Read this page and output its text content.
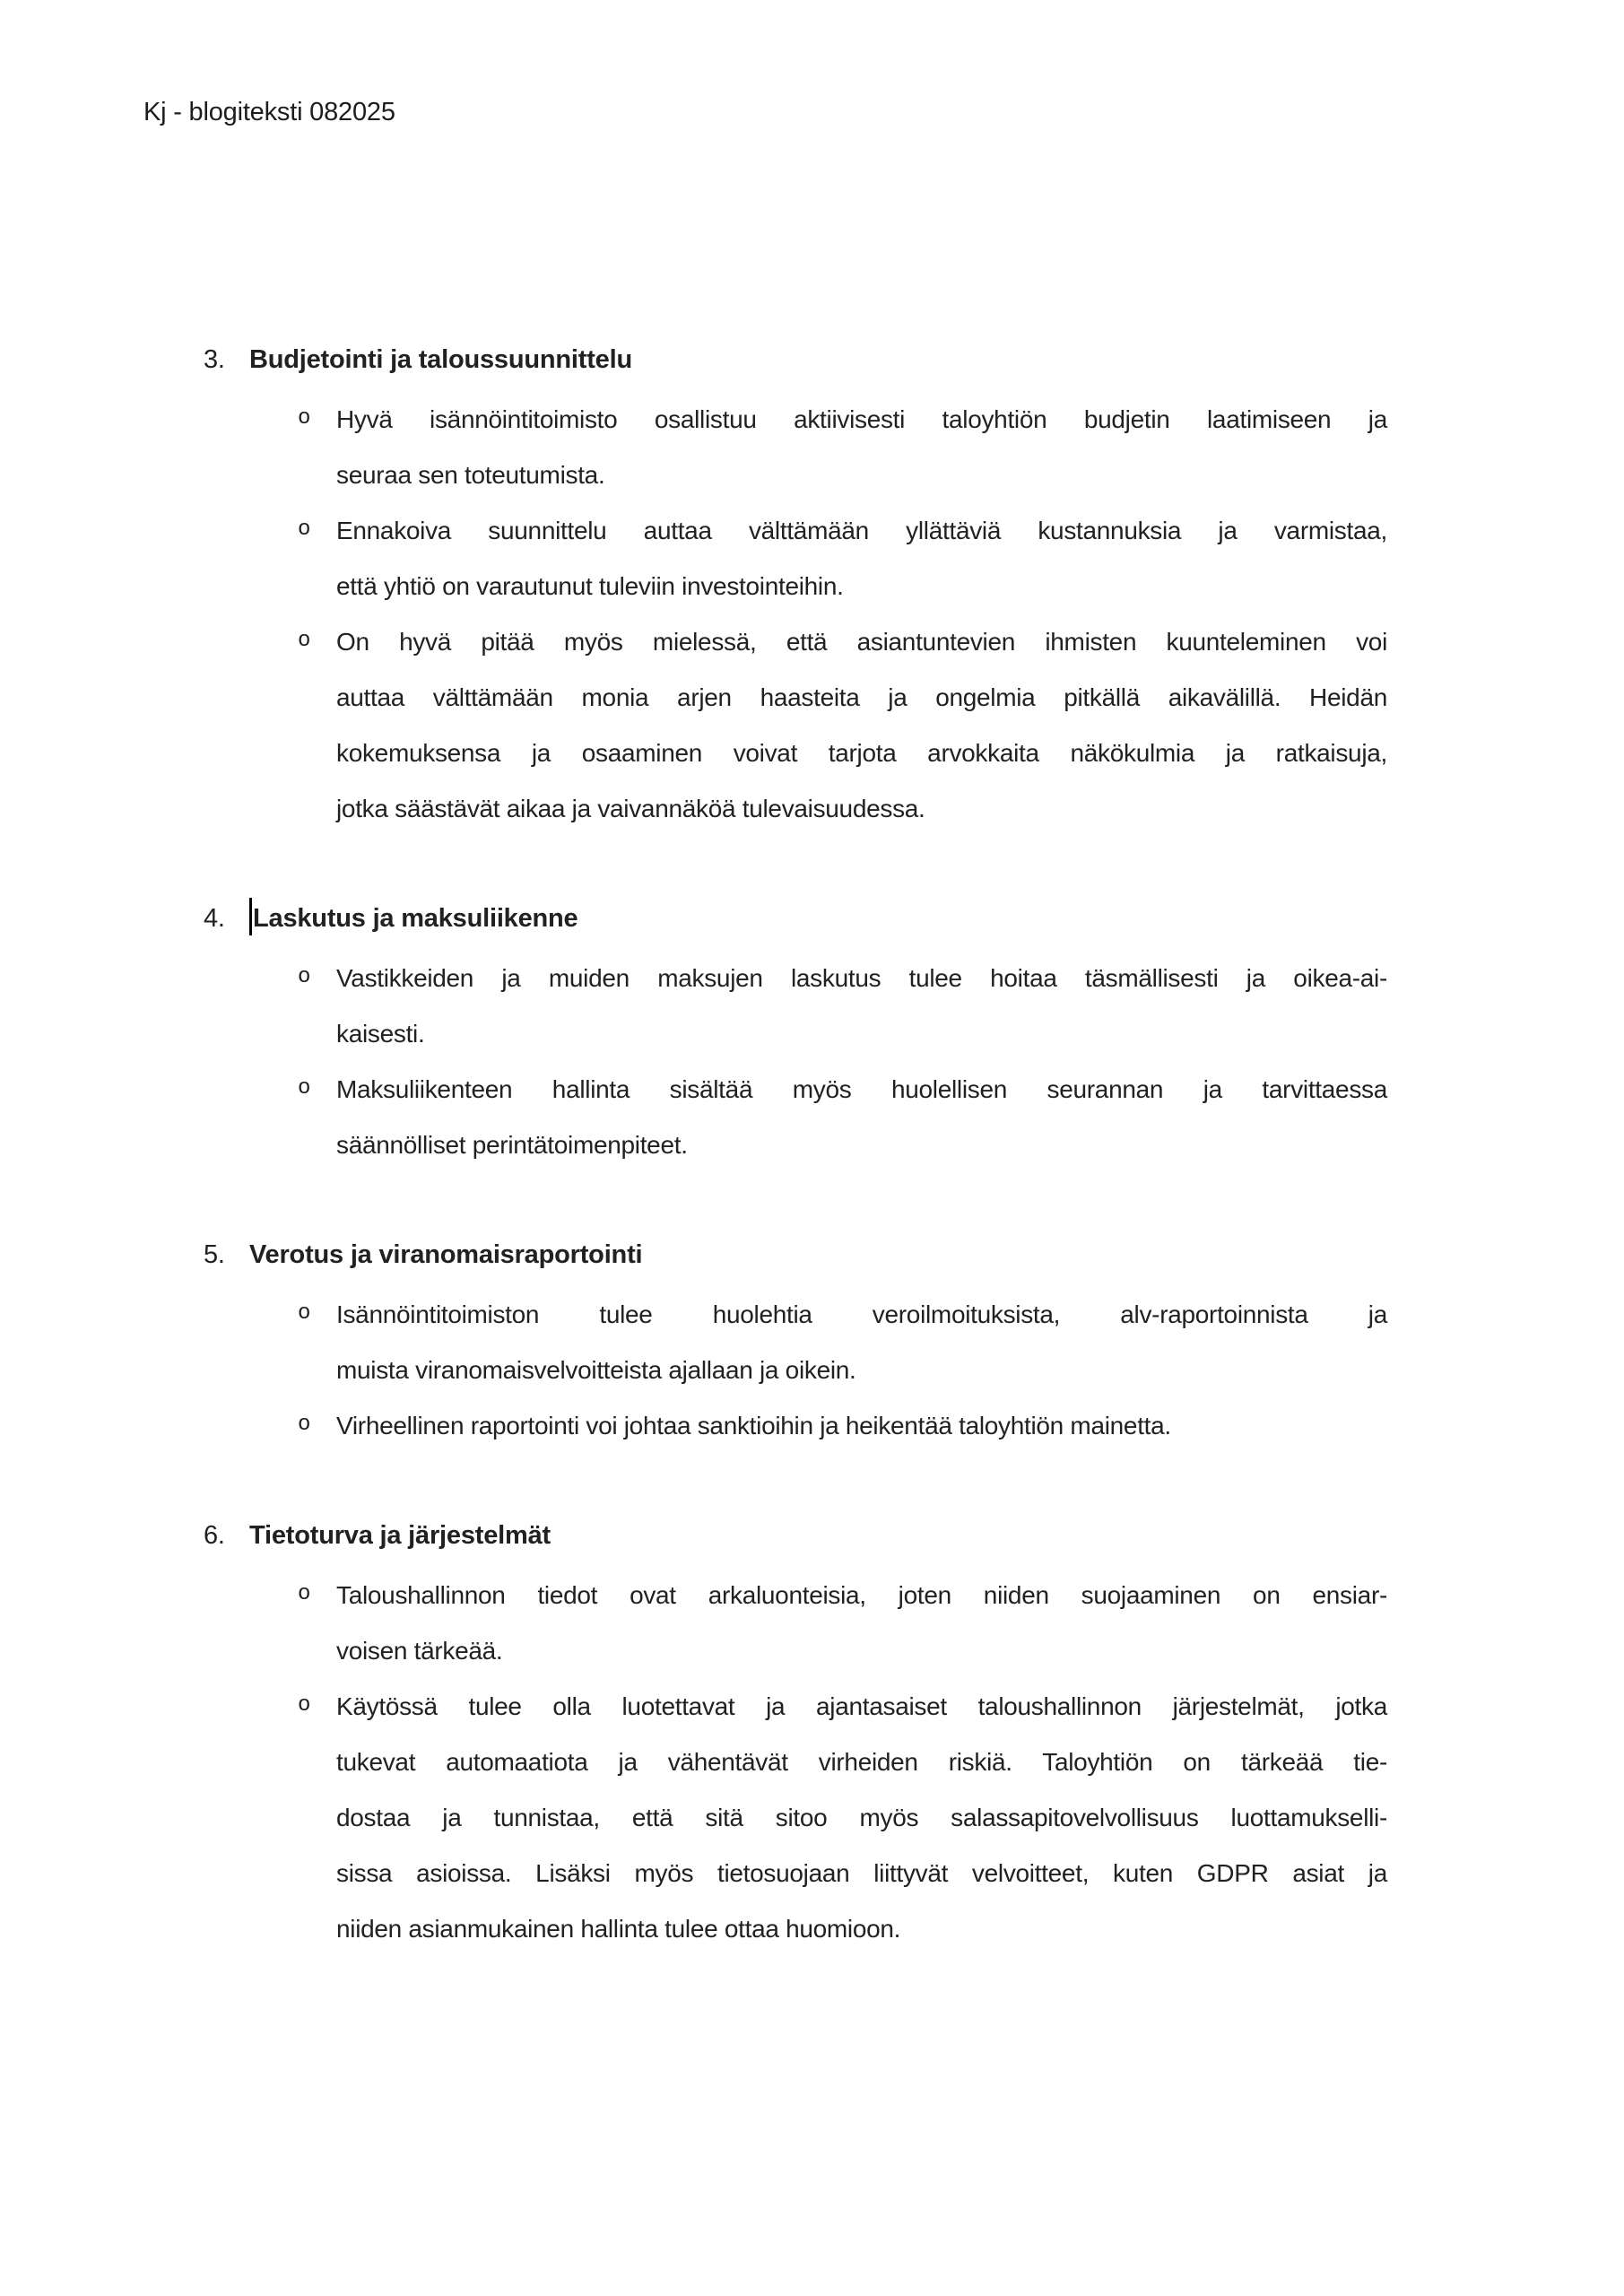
Kj - blogiteksti 082025
3. Budjetointi ja taloussuunnittelu
o Hyvä isännöintitoimisto osallistuu aktiivisesti taloyhtiön budjetin laatimiseen ja
seuraa sen toteutumista.
o Ennakoiva suunnittelu auttaa välttämään yllättäviä kustannuksia ja varmistaa,
että yhtiö on varautunut tuleviin investointeihin.
o On hyvä pitää myös mielessä, että asiantuntevien ihmisten kuunteleminen voi
auttaa välttämään monia arjen haasteita ja ongelmia pitkällä aikavälillä. Heidän
kokemuksensa ja osaaminen voivat tarjota arvokkaita näkökulmia ja ratkaisuja,
jotka säästävät aikaa ja vaivannäköä tulevaisuudessa.
4. Laskutus ja maksuliikenne
o Vastikkeiden ja muiden maksujen laskutus tulee hoitaa täsmällisesti ja oikea-ai-
kaisesti.
o Maksuliikenteen hallinta sisältää myös huolellisen seurannan ja tarvittaessa
säännölliset perintätoimenpiteet.
5. Verotus ja viranomaisraportointi
o Isännöintitoimiston tulee huolehtia veroilmoituksista, alv-raportoinnista ja
muista viranomaisvelvoitteista ajallaan ja oikein.
o Virheellinen raportointi voi johtaa sanktioihin ja heikentää taloyhtiön mainetta.
6. Tietoturva ja järjestelmät
o Taloushallinnon tiedot ovat arkaluonteisia, joten niiden suojaaminen on ensiar-
voisen tärkeää.
o Käytössä tulee olla luotettavat ja ajantasaiset taloushallinnon järjestelmät, jotka
tukevat automaatiota ja vähentävät virheiden riskiä. Taloyhtiön on tärkeää tie-
dostaa ja tunnistaa, että sitä sitoo myös salassapitovelvollisuus luottamukselli-
sissa asioissa. Lisäksi myös tietosuojaan liittyvät velvoitteet, kuten GDPR asiat ja
niiden asianmukainen hallinta tulee ottaa huomioon.
